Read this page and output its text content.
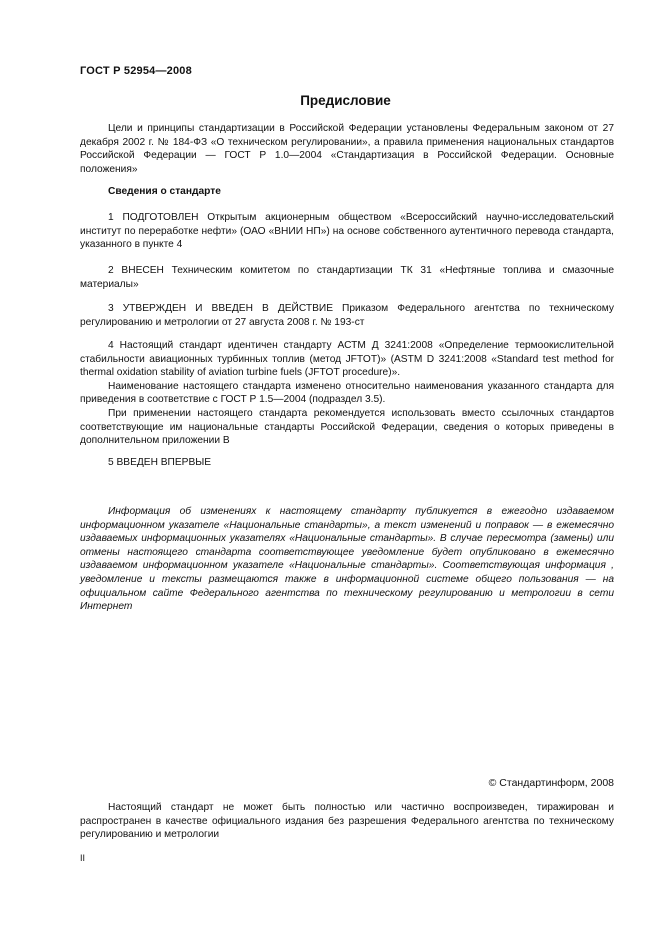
ГОСТ Р 52954—2008
Предисловие

Цели и принципы стандартизации в Российской Федерации установлены Федеральным законом от 27 декабря 2002 г. № 184-ФЗ «О техническом регулировании», а правила применения национальных стандартов Российской Федерации — ГОСТ Р 1.0—2004 «Стандартизация в Российской Федерации. Основные положения»

Сведения о стандарте

1 ПОДГОТОВЛЕН Открытым акционерным обществом «Всероссийский научно-исследовательский институт по переработке нефти» (ОАО «ВНИИ НП») на основе собственного аутентичного перевода стандарта, указанного в пункте 4

2 ВНЕСЕН Техническим комитетом по стандартизации ТК 31 «Нефтяные топлива и смазочные материалы»

3 УТВЕРЖДЕН И ВВЕДЕН В ДЕЙСТВИЕ Приказом Федерального агентства по техническому регулированию и метрологии от 27 августа 2008 г. № 193-ст

4 Настоящий стандарт идентичен стандарту АСТМ Д 3241:2008 «Определение термоокислительной стабильности авиационных турбинных топлив (метод JFTOT)» (ASTM D 3241:2008 «Standard test method for thermal oxidation stability of aviation turbine fuels (JFTOT procedure)».

Наименование настоящего стандарта изменено относительно наименования указанного стандарта для приведения в соответствие с ГОСТ Р 1.5—2004 (подраздел 3.5).

При применении настоящего стандарта рекомендуется использовать вместо ссылочных стандартов соответствующие им национальные стандарты Российской Федерации, сведения о которых приведены в дополнительном приложении В

5 ВВЕДЕН ВПЕРВЫЕ

Информация об изменениях к настоящему стандарту публикуется в ежегодно издаваемом информационном указателе «Национальные стандарты», а текст изменений и поправок — в ежемесячно издаваемых информационных указателях «Национальные стандарты». В случае пересмотра (замены) или отмены настоящего стандарта соответствующее уведомление будет опубликовано в ежемесячно издаваемом информационном указателе «Национальные стандарты». Соответствующая информация , уведомление и тексты размещаются также в информационной системе общего пользования — на официальном сайте Федерального агентства по техническому регулированию и метрологии в сети Интернет

© Стандартинформ, 2008

Настоящий стандарт не может быть полностью или частично воспроизведен, тиражирован и распространен в качестве официального издания без разрешения Федерального агентства по техническому регулированию и метрологии

II
